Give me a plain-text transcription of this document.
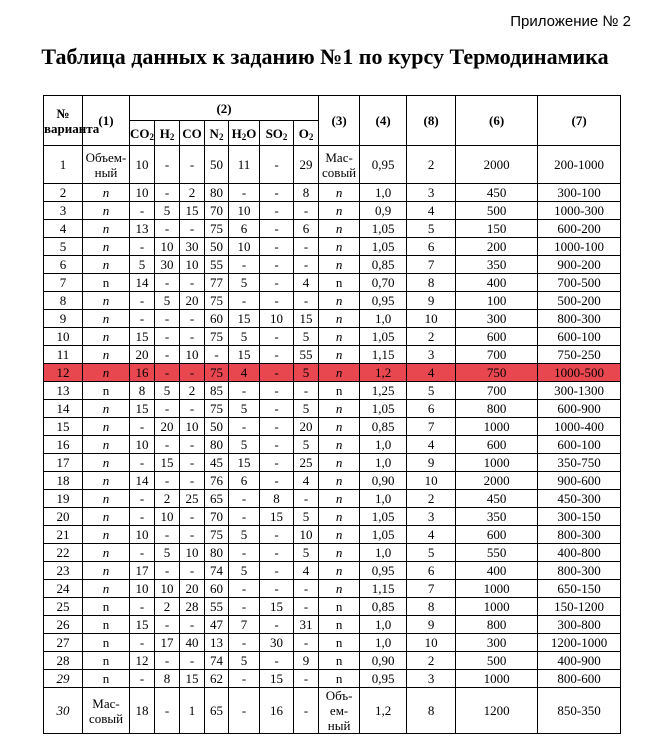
Приложение № 2
Таблица данных к заданию №1 по курсу Термодинамика
№ варианта	(1)	(2)							(3)	(4)	(8)	(6)	(7)
		$CO_2$	$H_2$	CO	$N_2$	$H_2O$	$SO_2$	$O_2$
1	Объем-ный	10	-	-	50	11	-	29	Мас-совый	0,95	2	2000	200-1000
2	n	10	-	2	80	-	-	8	n	1,0	3	450	300-100
3	n	-	5	15	70	10	-	-	n	0,9	4	500	1000-300
4	n	13	-	-	75	6	-	6	n	1,05	5	150	600-200
5	n	-	10	30	50	10	-	-	n	1,05	6	200	1000-100
6	n	5	30	10	55	-	-	-	n	0,85	7	350	900-200
7	n	14	-	-	77	5	-	4	n	0,70	8	400	700-500
8	n	-	5	20	75	-	-	-	n	0,95	9	100	500-200
9	n	-	-	-	60	15	10	15	n	1,0	10	300	800-300
10	n	15	-	-	75	5	-	5	n	1,05	2	600	600-100
11	n	20	-	10	-	15	-	55	n	1,15	3	700	750-250
12	n	16	-	-	75	4	-	5	n	1,2	4	750	1000-500
13	n	8	5	2	85	-	-	-	n	1,25	5	700	300-1300
14	n	15	-	-	75	5	-	5	n	1,05	6	800	600-900
15	n	-	20	10	50	-	-	20	n	0,85	7	1000	1000-400
16	n	10	-	-	80	5	-	5	n	1,0	4	600	600-100
17	n	-	15	-	45	15	-	25	n	1,0	9	1000	350-750
18	n	14	-	-	76	6	-	4	n	0,90	10	2000	900-600
19	n	-	2	25	65	-	8	-	n	1,0	2	450	450-300
20	n	-	10	-	70	-	15	5	n	1,05	3	350	300-150
21	n	10	-	-	75	5	-	10	n	1,05	4	600	800-300
22	n	-	5	10	80	-	-	5	n	1,0	5	550	400-800
23	n	17	-	-	74	5	-	4	n	0,95	6	400	800-300
24	n	10	10	20	60	-	-	-	n	1,15	7	1000	650-150
25	n	-	2	28	55	-	15	-	n	0,85	8	1000	150-1200
26	n	15	-	-	47	7	-	31	n	1,0	9	800	300-800
27	n	-	17	40	13	-	30	-	n	1,0	10	300	1200-1000
28	n	12	-	-	74	5	-	9	n	0,90	2	500	400-900
29	n	-	8	15	62	-	15	-	n	0,95	3	1000	800-600
30	Мас-совый	18	-	1	65	-	16	-	Объ-ем-ный	1,2	8	1200	850-350
